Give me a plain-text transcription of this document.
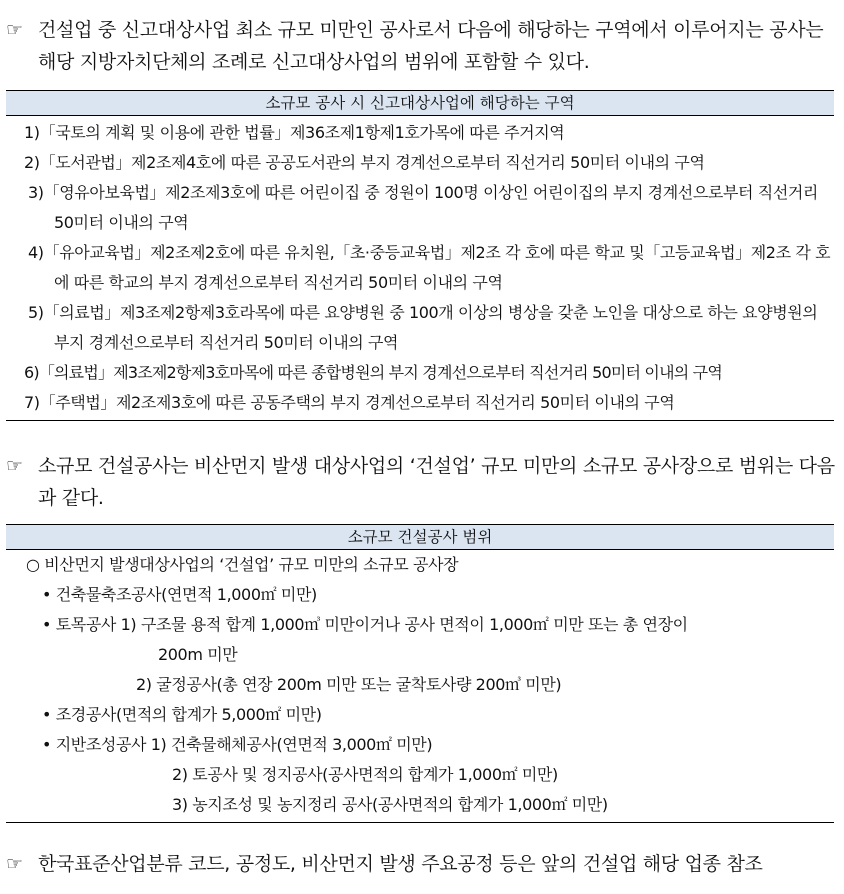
☞ 건설업 중 신고대상사업 최소 규모 미만인 공사로서 다음에 해당하는 구역에서 이루어지는 공사는 해당 지방자치단체의 조례로 신고대상사업의 범위에 포함할 수 있다.
소규모 공사 시 신고대상사업에 해당하는 구역
1)「국토의 계획 및 이용에 관한 법률」제36조제1항제1호가목에 따른 주거지역
2)「도서관법」제2조제4호에 따른 공공도서관의 부지 경계선으로부터 직선거리 50미터 이내의 구역
3)「영유아보육법」제2조제3호에 따른 어린이집 중 정원이 100명 이상인 어린이집의 부지 경계선으로부터 직선거리 50미터 이내의 구역
4)「유아교육법」제2조제2호에 따른 유치원,「초·중등교육법」제2조 각 호에 따른 학교 및「고등교육법」제2조 각 호에 따른 학교의 부지 경계선으로부터 직선거리 50미터 이내의 구역
5)「의료법」제3조제2항제3호라목에 따른 요양병원 중 100개 이상의 병상을 갖춘 노인을 대상으로 하는 요양병원의 부지 경계선으로부터 직선거리 50미터 이내의 구역
6)「의료법」제3조제2항제3호마목에 따른 종합병원의 부지 경계선으로부터 직선거리 50미터 이내의 구역
7)「주택법」제2조제3호에 따른 공동주택의 부지 경계선으로부터 직선거리 50미터 이내의 구역
☞ 소규모 건설공사는 비산먼지 발생 대상사업의 ‘건설업’ 규모 미만의 소규모 공사장으로 범위는 다음과 같다.
소규모 건설공사 범위
○ 비산먼지 발생대상사업의 ‘건설업’ 규모 미만의 소규모 공사장
• 건축물축조공사(연면적 1,000㎡ 미만)
• 토목공사 1) 구조물 용적 합계 1,000㎥ 미만이거나 공사 면적이 1,000㎡ 미만 또는 총 연장이
200m 미만
2) 굴정공사(총 연장 200m 미만 또는 굴착토사량 200㎥ 미만)
• 조경공사(면적의 합계가 5,000㎡ 미만)
• 지반조성공사 1) 건축물해체공사(연면적 3,000㎡ 미만)
2) 토공사 및 정지공사(공사면적의 합계가 1,000㎡ 미만)
3) 농지조성 및 농지정리 공사(공사면적의 합계가 1,000㎡ 미만)
☞ 한국표준산업분류 코드, 공정도, 비산먼지 발생 주요공정 등은 앞의 건설업 해당 업종 참조
